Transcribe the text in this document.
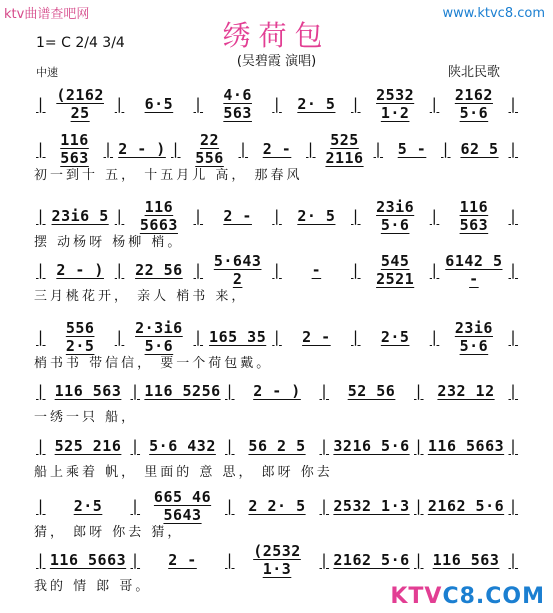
ktv曲谱查吧网	www.ktvc8.com
绣荷包
1= C 2/4 3/4
(吴碧霞 演唱)
中速	陕北民歌
| (2162 25	|	6·5	|	4·6 563	|	2· 5	|	2532 1·2	|	2162 5·6	|
| 116 563 | 2 - ) |	22 556 | 2 - | 525 2116 | 5 - | 62 5 |
初一到十 五， 十五月儿 高， 那春风
| 23i6 5 |	116 5663	|	2 -	|	2· 5	|	23i6 5·6	|	116 563	|
摆 动杨呀 杨柳 梢。
| 2 - ) | 22 56 | 5·643 2	|	-	|	545 2521	| 6142 5 -	|
三月桃花开， 亲人 梢书 来，
|	556 2·5	| 2·3i6 5·6	| 165 35 |	2 -	|	2·5	|	23i6 5·6	|
梢书书 带信信， 要一个荷包戴。
| 116 563 | 116 5256 |	2 - )	|	52 56	| 232 12 |
一绣一只 船，
| 525 216 | 5·6 432 | 56 2 5 | 3216 5·6 | 116 5663 |
船上乘着 帆， 里面的 意 思， 郎呀 你去
|	2·5	| 665 46 5643	| 2 2· 5 | 2532 1·3 | 2162 5·6 |
猜， 郎呀 你去 猜，
| 116 5663 |	2 -	|	(2532 1·3	| 2162 5·6 | 116 563 |
我的 情 郎 哥。	KTVC8.COM
